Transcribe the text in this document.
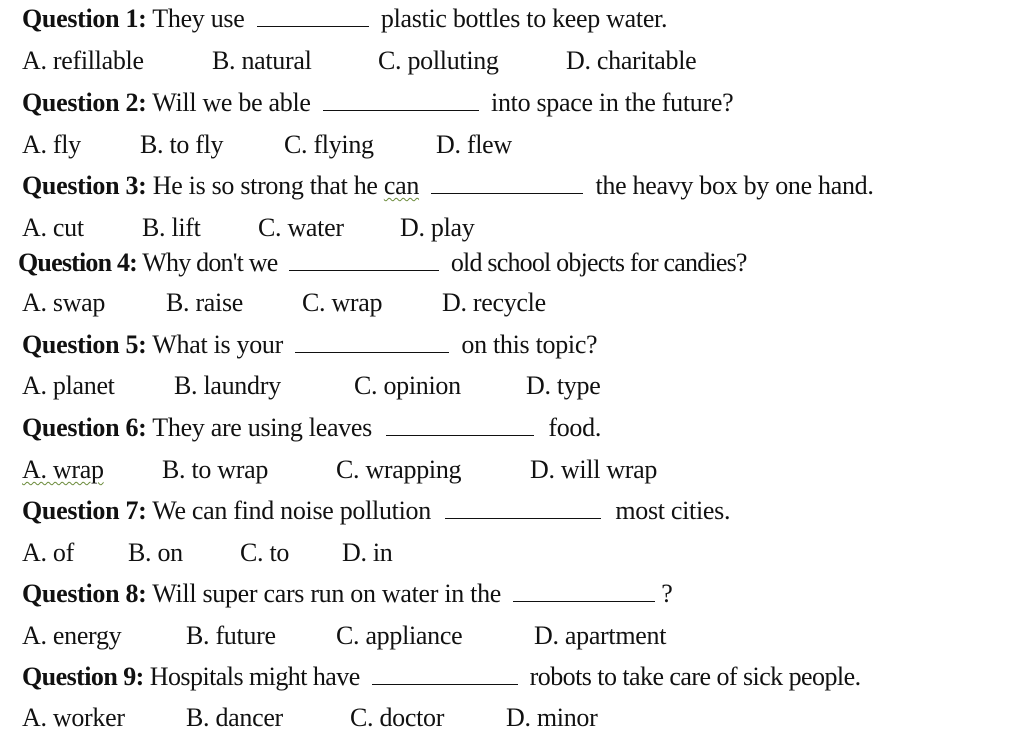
Question 1: They use	plastic bottles to keep water.
A. refillable	B. natural	C. polluting	D. charitable
Question 2: Will we be able	into space in the future?
A. fly B. to fly C. flying D. flew
Question 3: He is so strong that he can	the heavy box by one hand.
A. cut B. lift C. water D. play
Question 4: Why don't we	old school objects for candies?
A. swap B. raise C. wrap D. recycle
Question 5: What is your	on this topic?
A. planet B. laundry	C. opinion	D. type
Question 6: They are using leaves	food.
A. wrap B. to wrap	C. wrapping	D. will wrap
Question 7: We can find noise pollution	most cities.
A. of B. on C. to D. in
Question 8: Will super cars run on water in the	?
A. energy B. future C. appliance	D. apartment
Question 9: Hospitals might have	robots to take care of sick people.
A. worker B. dancer	C. doctor D. minor
